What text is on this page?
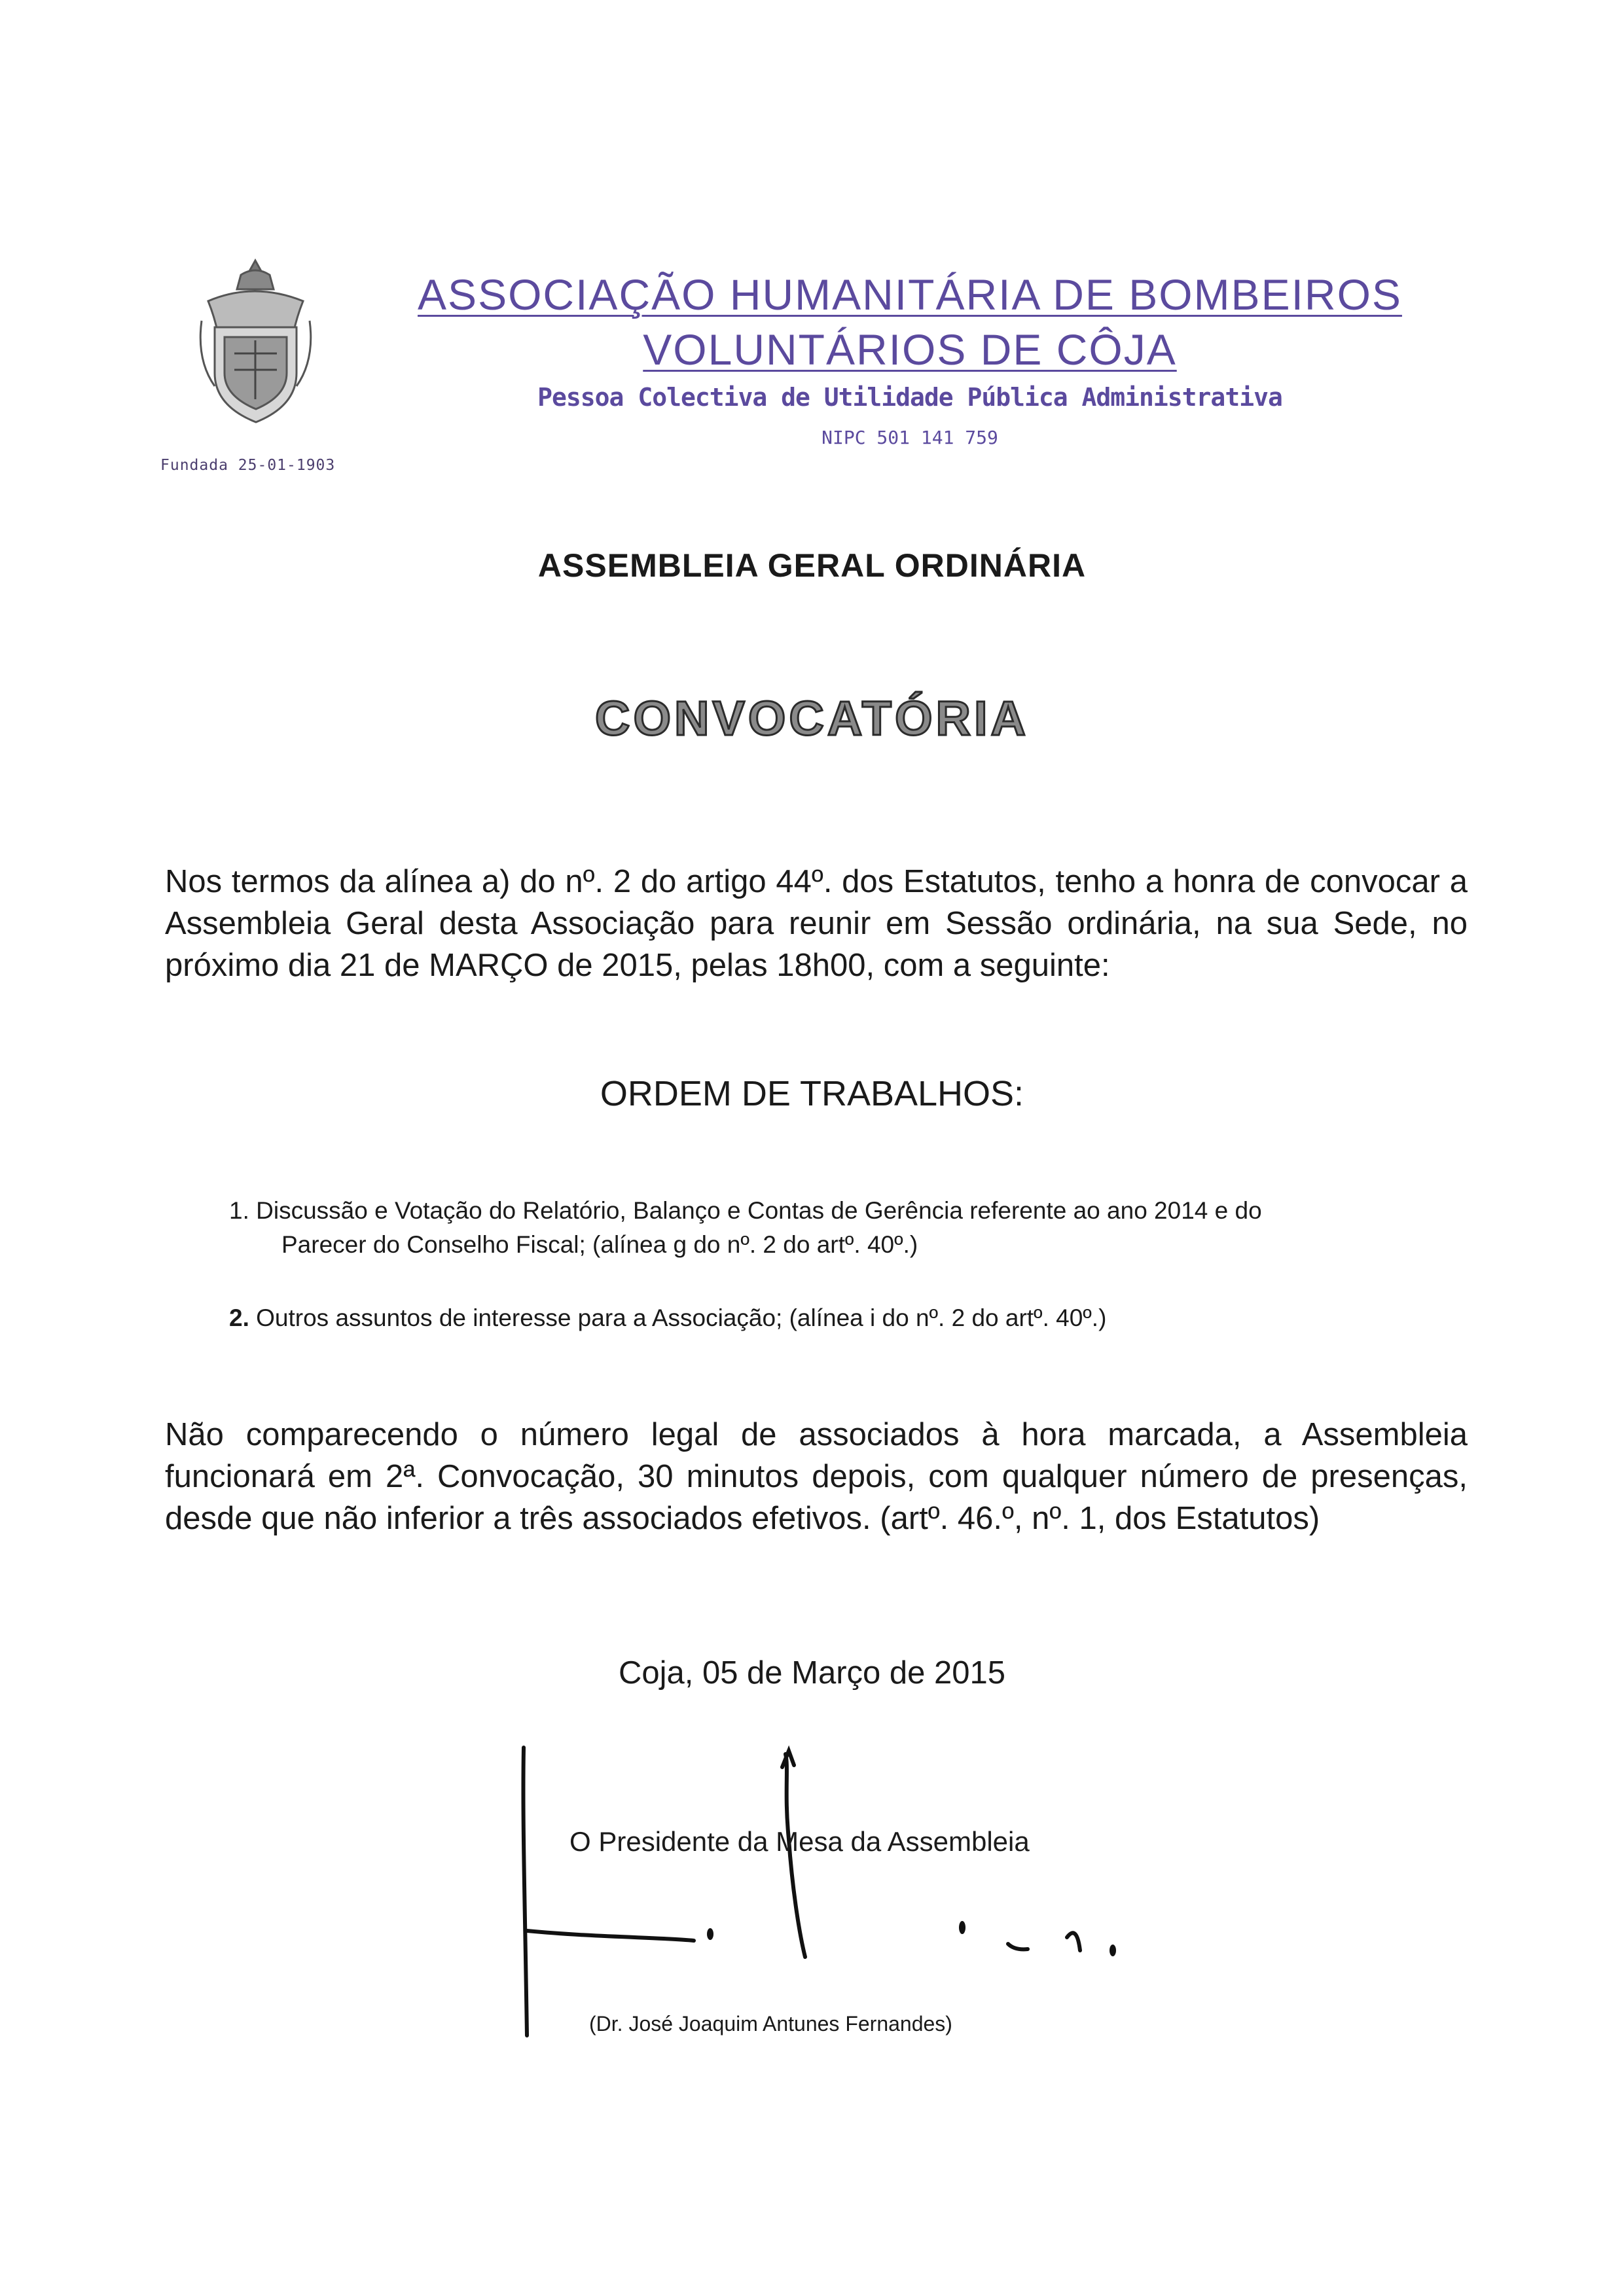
Fundada 25-01-1903
ASSOCIAÇÃO HUMANITÁRIA DE BOMBEIROS
VOLUNTÁRIOS DE CÔJA
Pessoa Colectiva de Utilidade Pública Administrativa
NIPC 501 141 759
ASSEMBLEIA GERAL ORDINÁRIA
CONVOCATÓRIA
Nos termos da alínea a) do nº. 2 do artigo 44º. dos Estatutos, tenho a honra de convocar a Assembleia Geral desta Associação para reunir em Sessão ordinária, na sua Sede, no próximo dia 21 de MARÇO de 2015, pelas 18h00, com a seguinte:
ORDEM DE TRABALHOS:
1. Discussão e Votação do Relatório, Balanço e Contas de Gerência referente ao ano 2014 e do
Parecer do Conselho Fiscal; (alínea g do nº. 2 do artº. 40º.)
2. Outros assuntos de interesse para a Associação; (alínea i do nº. 2 do artº. 40º.)
Não comparecendo o número legal de associados à hora marcada, a Assembleia funcionará em 2ª. Convocação, 30 minutos depois, com qualquer número de presenças, desde que não inferior a três associados efetivos. (artº. 46.º, nº. 1, dos Estatutos)
Coja, 05 de Março de 2015
O Presidente da Mesa da Assembleia
(Dr. José Joaquim Antunes Fernandes)
